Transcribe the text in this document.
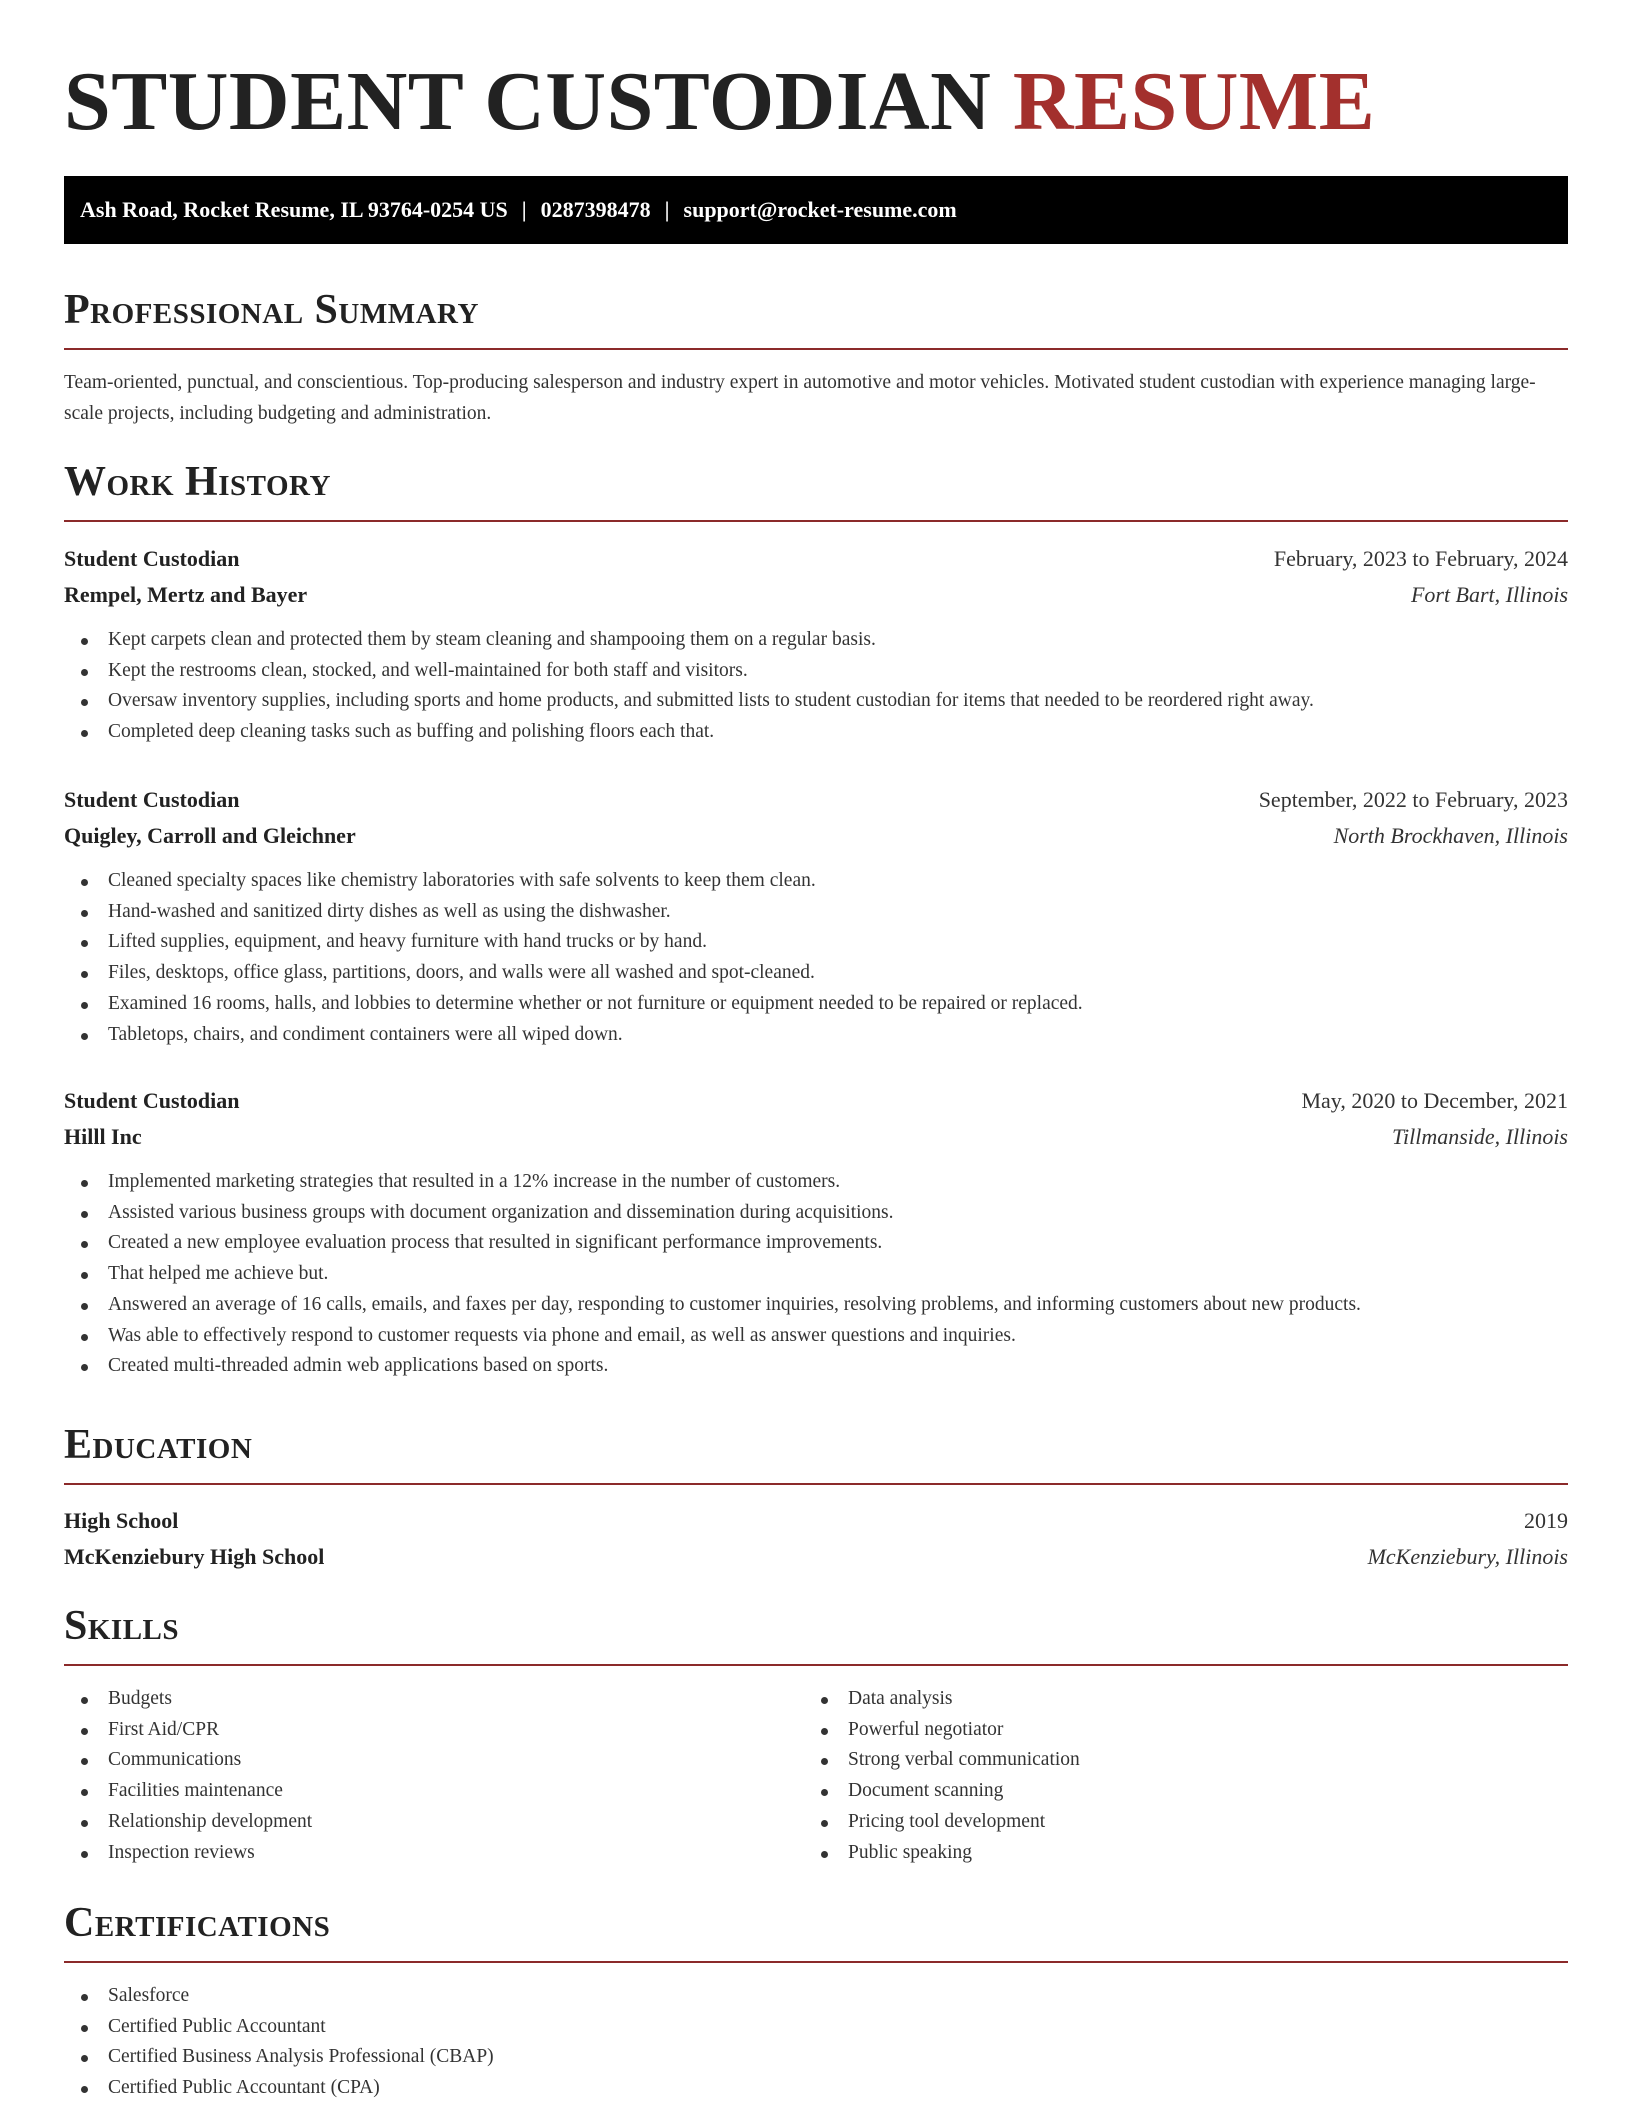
STUDENT CUSTODIAN RESUME
Ash Road, Rocket Resume, IL 93764-0254 US | 0287398478 | support@rocket-resume.com
Professional Summary

Team-oriented, punctual, and conscientious. Top-producing salesperson and industry expert in automotive and motor vehicles. Motivated student custodian with experience managing large-scale projects, including budgeting and administration.

Work History
Student Custodian	February, 2023 to February, 2024
Rempel, Mertz and Bayer	Fort Bart, Illinois
Kept carpets clean and protected them by steam cleaning and shampooing them on a regular basis.
Kept the restrooms clean, stocked, and well-maintained for both staff and visitors.
Oversaw inventory supplies, including sports and home products, and submitted lists to student custodian for items that needed to be reordered right away.
Completed deep cleaning tasks such as buffing and polishing floors each that.
Student Custodian	September, 2022 to February, 2023
Quigley, Carroll and Gleichner	North Brockhaven, Illinois
Cleaned specialty spaces like chemistry laboratories with safe solvents to keep them clean.
Hand-washed and sanitized dirty dishes as well as using the dishwasher.
Lifted supplies, equipment, and heavy furniture with hand trucks or by hand.
Files, desktops, office glass, partitions, doors, and walls were all washed and spot-cleaned.
Examined 16 rooms, halls, and lobbies to determine whether or not furniture or equipment needed to be repaired or replaced.
Tabletops, chairs, and condiment containers were all wiped down.
Student Custodian	May, 2020 to December, 2021
Hilll Inc	Tillmanside, Illinois
Implemented marketing strategies that resulted in a 12% increase in the number of customers.
Assisted various business groups with document organization and dissemination during acquisitions.
Created a new employee evaluation process that resulted in significant performance improvements.
That helped me achieve but.
Answered an average of 16 calls, emails, and faxes per day, responding to customer inquiries, resolving problems, and informing customers about new products.
Was able to effectively respond to customer requests via phone and email, as well as answer questions and inquiries.
Created multi-threaded admin web applications based on sports.
Education
High School	2019
McKenziebury High School	McKenziebury, Illinois
Skills
Budgets
First Aid/CPR
Communications
Facilities maintenance
Relationship development
Inspection reviews
Data analysis
Powerful negotiator
Strong verbal communication
Document scanning
Pricing tool development
Public speaking
Certifications
Salesforce
Certified Public Accountant
Certified Business Analysis Professional (CBAP)
Certified Public Accountant (CPA)
